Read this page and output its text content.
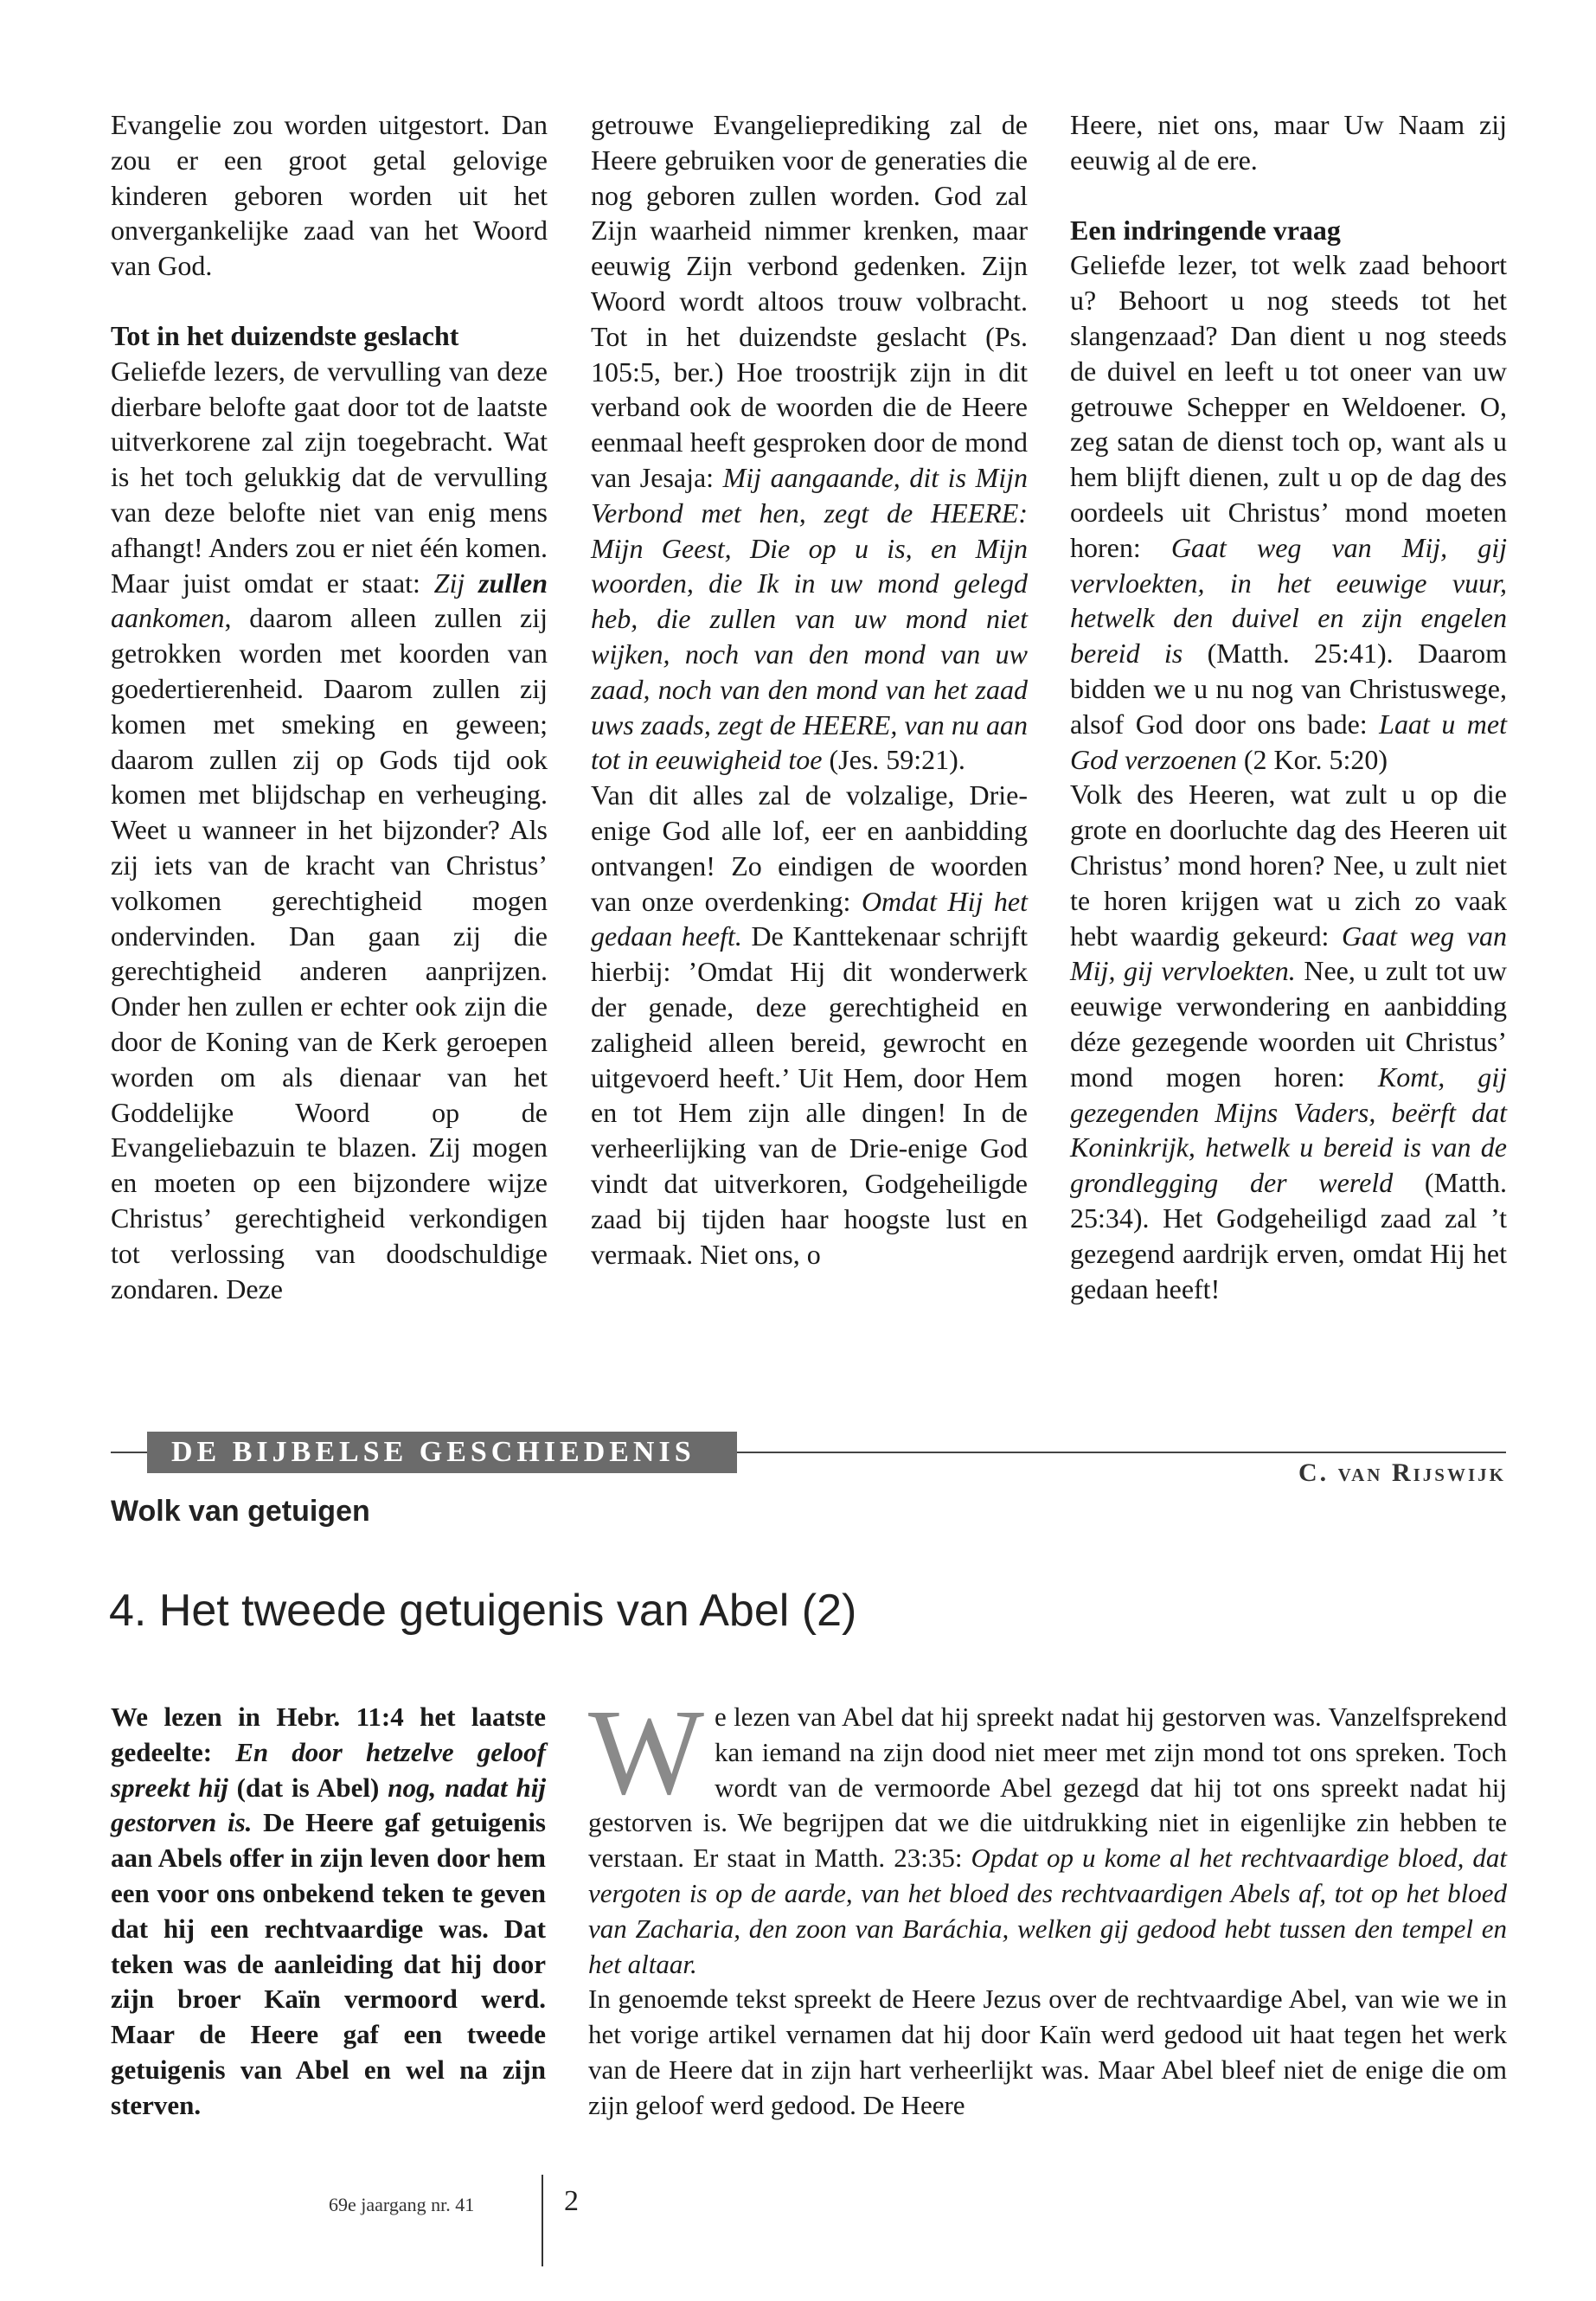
Evangelie zou worden uitgestort. Dan zou er een groot getal gelovige kinderen geboren worden uit het onvergankelijke zaad van het Woord van God.

Tot in het duizendste geslacht

Geliefde lezers, de vervulling van deze dierbare belofte gaat door tot de laatste uitverkorene zal zijn toegebracht. Wat is het toch gelukkig dat de vervulling van deze belofte niet van enig mens afhangt! Anders zou er niet één komen. Maar juist omdat er staat: Zij zullen aankomen, daarom alleen zullen zij getrokken worden met koorden van goedertierenheid. Daarom zullen zij komen met smeking en geween; daarom zullen zij op Gods tijd ook komen met blijdschap en verheuging. Weet u wanneer in het bijzonder? Als zij iets van de kracht van Christus’ volkomen gerechtigheid mogen ondervinden. Dan gaan zij die gerechtigheid anderen aanprijzen. Onder hen zullen er echter ook zijn die door de Koning van de Kerk geroepen worden om als dienaar van het Goddelijke Woord op de Evangeliebazuin te blazen. Zij mogen en moeten op een bijzondere wijze Christus’ gerechtigheid verkondigen tot verlossing van doodschuldige zondaren. Deze

getrouwe Evangelieprediking zal de Heere gebruiken voor de generaties die nog geboren zullen worden. God zal Zijn waarheid nimmer krenken, maar eeuwig Zijn verbond gedenken. Zijn Woord wordt altoos trouw volbracht. Tot in het duizendste geslacht (Ps. 105:5, ber.) Hoe troostrijk zijn in dit verband ook de woorden die de Heere eenmaal heeft gesproken door de mond van Jesaja: Mij aangaande, dit is Mijn Verbond met hen, zegt de HEERE: Mijn Geest, Die op u is, en Mijn woorden, die Ik in uw mond gelegd heb, die zullen van uw mond niet wijken, noch van den mond van uw zaad, noch van den mond van het zaad uws zaads, zegt de HEERE, van nu aan tot in eeuwigheid toe (Jes. 59:21).

Van dit alles zal de volzalige, Drie-enige God alle lof, eer en aanbidding ontvangen! Zo eindigen de woorden van onze overdenking: Omdat Hij het gedaan heeft. De Kanttekenaar schrijft hierbij: ’Omdat Hij dit wonderwerk der genade, deze gerechtigheid en zaligheid alleen bereid, gewrocht en uitgevoerd heeft.’ Uit Hem, door Hem en tot Hem zijn alle dingen! In de verheerlijking van de Drie-enige God vindt dat uitverkoren, Godgeheiligde zaad bij tijden haar hoogste lust en vermaak. Niet ons, o

Heere, niet ons, maar Uw Naam zij eeuwig al de ere.

Een indringende vraag

Geliefde lezer, tot welk zaad behoort u? Behoort u nog steeds tot het slangenzaad? Dan dient u nog steeds de duivel en leeft u tot oneer van uw getrouwe Schepper en Weldoener. O, zeg satan de dienst toch op, want als u hem blijft dienen, zult u op de dag des oordeels uit Christus’ mond moeten horen: Gaat weg van Mij, gij vervloekten, in het eeuwige vuur, hetwelk den duivel en zijn engelen bereid is (Matth. 25:41). Daarom bidden we u nu nog van Christuswege, alsof God door ons bade: Laat u met God verzoenen (2 Kor. 5:20)

Volk des Heeren, wat zult u op die grote en doorluchte dag des Heeren uit Christus’ mond horen? Nee, u zult niet te horen krijgen wat u zich zo vaak hebt waardig gekeurd: Gaat weg van Mij, gij vervloekten. Nee, u zult tot uw eeuwige verwondering en aanbidding déze gezegende woorden uit Christus’ mond mogen horen: Komt, gij gezegenden Mijns Vaders, beërft dat Koninkrijk, hetwelk u bereid is van de grondlegging der wereld (Matth. 25:34). Het Godgeheiligd zaad zal ’t gezegend aardrijk erven, omdat Hij het gedaan heeft!

DE BIJBELSE GESCHIEDENIS
C. van Rijswijk
Wolk van getuigen
4. Het tweede getuigenis van Abel (2)
We lezen in Hebr. 11:4 het laatste gedeelte: En door hetzelve geloof spreekt hij (dat is Abel) nog, nadat hij gestorven is. De Heere gaf getuigenis aan Abels offer in zijn leven door hem een voor ons onbekend teken te geven dat hij een rechtvaardige was. Dat teken was de aanleiding dat hij door zijn broer Kaïn vermoord werd. Maar de Heere gaf een tweede getuigenis van Abel en wel na zijn sterven.

We lezen van Abel dat hij spreekt nadat hij gestorven was. Vanzelfsprekend kan iemand na zijn dood niet meer met zijn mond tot ons spreken. Toch wordt van de vermoorde Abel gezegd dat hij tot ons spreekt nadat hij gestorven is. We begrijpen dat we die uitdrukking niet in eigenlijke zin hebben te verstaan. Er staat in Matth. 23:35: Opdat op u kome al het rechtvaardige bloed, dat vergoten is op de aarde, van het bloed des rechtvaardigen Abels af, tot op het bloed van Zacharia, den zoon van Baráchia, welken gij gedood hebt tussen den tempel en het altaar.

In genoemde tekst spreekt de Heere Jezus over de rechtvaardige Abel, van wie we in het vorige artikel vernamen dat hij door Kaïn werd gedood uit haat tegen het werk van de Heere dat in zijn hart verheerlijkt was. Maar Abel bleef niet de enige die om zijn geloof werd gedood. De Heere

69e jaargang nr. 41	2
